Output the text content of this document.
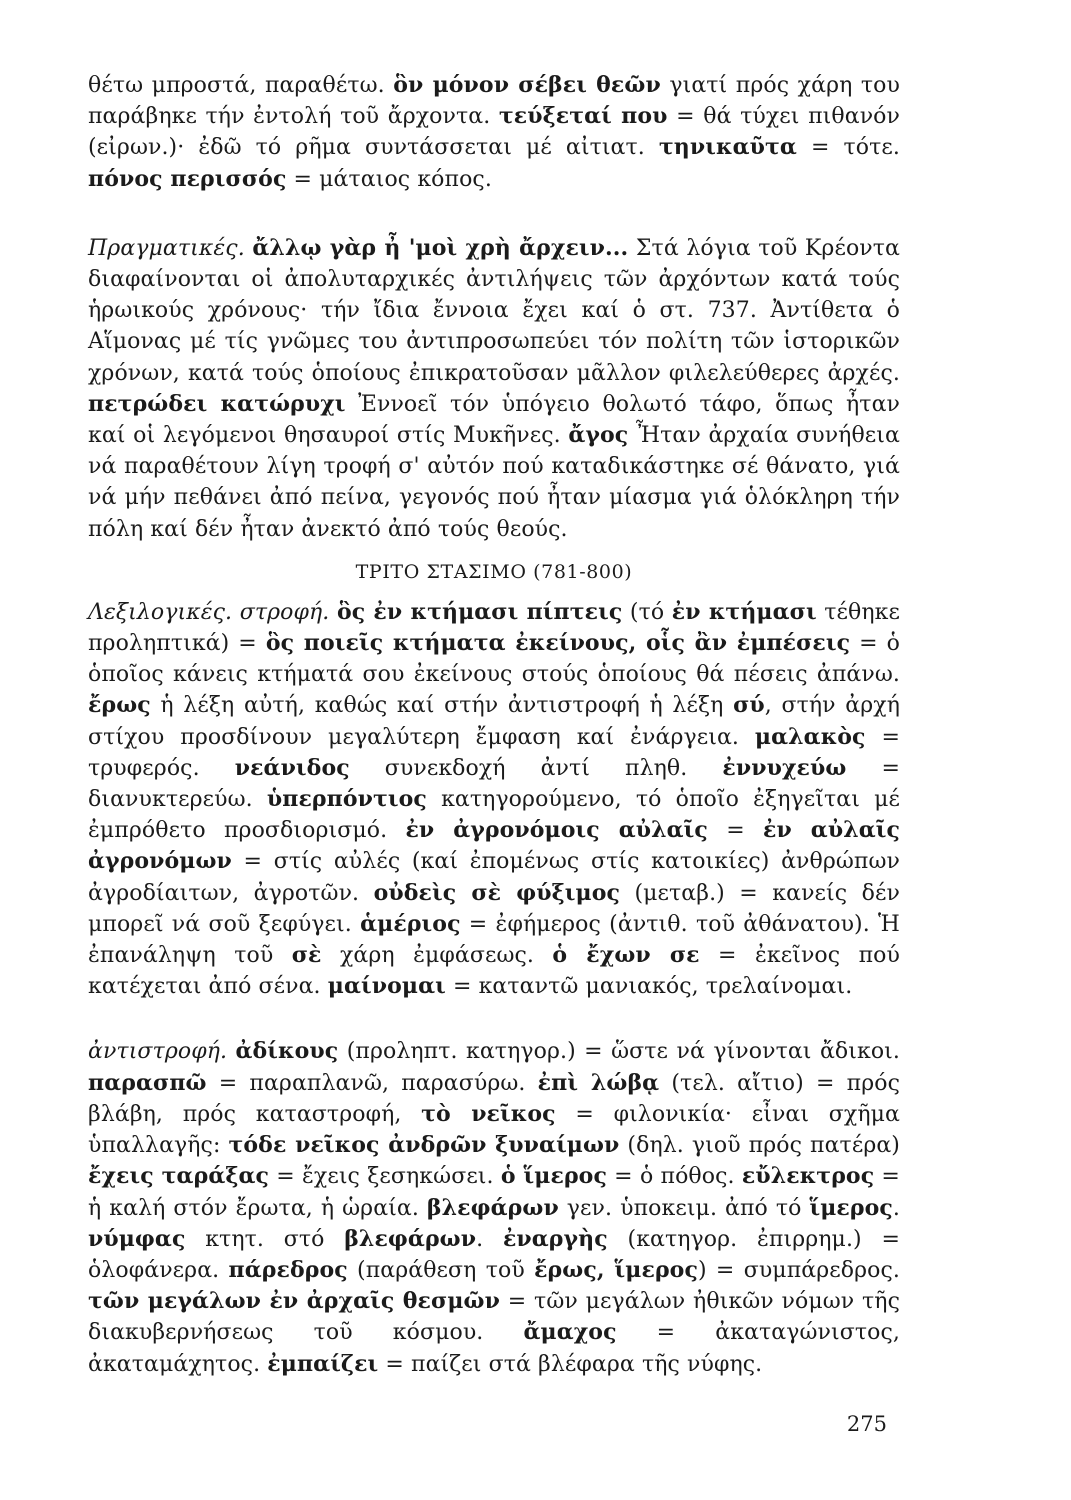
θέτω μπροστά, παραθέτω. ὃν μόνον σέβει θεῶν γιατί πρός χάρη του παράβηκε τήν ἐντολή τοῦ ἄρχοντα. τεύξεταί που = θά τύχει πιθανόν (εἰρων.)· ἐδῶ τό ρῆμα συντάσσεται μέ αἰτιατ. τηνικαῦτα = τότε. πόνος περισσός = μάταιος κόπος.

Πραγματικές. ἄλλῳ γὰρ ἦ 'μοὶ χρὴ ἄρχειν... Στά λόγια τοῦ Κρέοντα διαφαίνονται οἱ ἀπολυταρχικές ἀντιλήψεις τῶν ἀρχόντων κατά τούς ἡρωικούς χρόνους· τήν ἴδια ἔννοια ἔχει καί ὁ στ. 737. Ἀντίθετα ὁ Αἵμονας μέ τίς γνῶμες του ἀντιπροσωπεύει τόν πολίτη τῶν ἱστορικῶν χρόνων, κατά τούς ὁποίους ἐπικρατοῦσαν μᾶλλον φιλελεύθερες ἀρχές. πετρώδει κατώρυχι Ἐννοεῖ τόν ὑπόγειο θολωτό τάφο, ὅπως ἦταν καί οἱ λεγόμενοι θησαυροί στίς Μυκῆνες. ἄγος Ἦταν ἀρχαία συνήθεια νά παραθέτουν λίγη τροφή σ' αὐτόν πού καταδικάστηκε σέ θάνατο, γιά νά μήν πεθάνει ἀπό πείνα, γεγονός πού ἦταν μίασμα γιά ὁλόκληρη τήν πόλη καί δέν ἦταν ἀνεκτό ἀπό τούς θεούς.

ΤΡΙΤΟ ΣΤΑΣΙΜΟ (781-800)

Λεξιλογικές. στροφή. ὃς ἐν κτήμασι πίπτεις (τό ἐν κτήμασι τέθηκε προληπτικά) = ὃς ποιεῖς κτήματα ἐκείνους, οἷς ἂν ἐμπέσεις = ὁ ὁποῖος κάνεις κτήματά σου ἐκείνους στούς ὁποίους θά πέσεις ἀπάνω. ἔρως ἡ λέξη αὐτή, καθώς καί στήν ἀντιστροφή ἡ λέξη σύ, στήν ἀρχή στίχου προσδίνουν μεγαλύτερη ἔμφαση καί ἐνάργεια. μαλακὸς = τρυφερός. νεάνιδος συνεκδοχή ἀντί πληθ. ἐννυχεύω = διανυκτερεύω. ὑπερπόντιος κατηγορούμενο, τό ὁποῖο ἐξηγεῖται μέ ἐμπρόθετο προσδιορισμό. ἐν ἀγρονόμοις αὐλαῖς = ἐν αὐλαῖς ἀγρονόμων = στίς αὐλές (καί ἐπομένως στίς κατοικίες) ἀνθρώπων ἀγροδίαιτων, ἀγροτῶν. οὐδεὶς σὲ φύξιμος (μεταβ.) = κανείς δέν μπορεῖ νά σοῦ ξεφύγει. ἁμέριος = ἐφήμερος (ἀντιθ. τοῦ ἀθάνατου). Ἡ ἐπανάληψη τοῦ σὲ χάρη ἐμφάσεως. ὁ ἔχων σε = ἐκεῖνος πού κατέχεται ἀπό σένα. μαίνομαι = καταντῶ μανιακός, τρελαίνομαι.

ἀντιστροφή. ἀδίκους (προληπτ. κατηγορ.) = ὥστε νά γίνονται ἄδικοι. παρασπῶ = παραπλανῶ, παρασύρω. ἐπὶ λώβᾳ (τελ. αἴτιο) = πρός βλάβη, πρός καταστροφή, τὸ νεῖκος = φιλονικία· εἶναι σχῆμα ὑπαλλαγῆς: τόδε νεῖκος ἀνδρῶν ξυναίμων (δηλ. γιοῦ πρός πατέρα) ἔχεις ταράξας = ἔχεις ξεσηκώσει. ὁ ἵμερος = ὁ πόθος. εὔλεκτρος = ἡ καλή στόν ἔρωτα, ἡ ὡραία. βλεφάρων γεν. ὑποκειμ. ἀπό τό ἵμερος. νύμφας κτητ. στό βλεφάρων. ἐναργὴς (κατηγορ. ἐπιρρημ.) = ὁλοφάνερα. πάρεδρος (παράθεση τοῦ ἔρως, ἵμερος) = συμπάρεδρος. τῶν μεγάλων ἐν ἀρχαῖς θεσμῶν = τῶν μεγάλων ἠθικῶν νόμων τῆς διακυβερνήσεως τοῦ κόσμου. ἄμαχος = ἀκαταγώνιστος, ἀκαταμάχητος. ἐμπαίζει = παίζει στά βλέφαρα τῆς νύφης.

275
